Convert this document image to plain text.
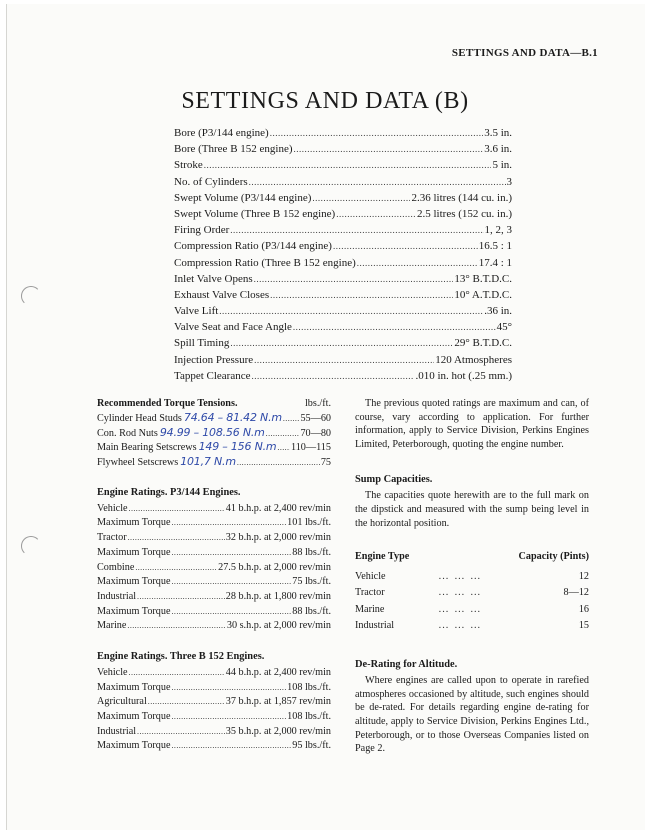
SETTINGS AND DATA—B.1
SETTINGS AND DATA (B)
Bore (P3/144 engine) .....	3.5 in.
Bore (Three B 152 engine) .....	3.6 in.
Stroke .....	5 in.
No. of Cylinders .....	3
Swept Volume (P3/144 engine) .....	2.36 litres (144 cu. in.)
Swept Volume (Three B 152 engine) .....	2.5 litres (152 cu. in.)
Firing Order .....	1, 2, 3
Compression Ratio (P3/144 engine) .....	16.5 : 1
Compression Ratio (Three B 152 engine) .....	17.4 : 1
Inlet Valve Opens .....	13° B.T.D.C.
Exhaust Valve Closes .....	10° A.T.D.C.
Valve Lift .....	.36 in.
Valve Seat and Face Angle .....	45°
Spill Timing .....	29° B.T.D.C.
Injection Pressure .....	120 Atmospheres
Tappet Clearance .....	.010 in. hot (.25 mm.)
Recommended Torque Tensions.	lbs./ft.
Cylinder Head Studs 74.64 – 81.42 N.m ..... 55—60
Con. Rod Nuts 94.99 – 108.56 N.m .....	70—80
Main Bearing Setscrews 149 – 156 N.m ..... 110—115
Flywheel Setscrews 101,7 N.m .....	75
Engine Ratings. P3/144 Engines.
Vehicle .....	41 b.h.p. at 2,400 rev/min
Maximum Torque .....	101 lbs./ft.
Tractor .....	32 b.h.p. at 2,000 rev/min
Maximum Torque .....	88 lbs./ft.
Combine .....	27.5 b.h.p. at 2,000 rev/min
Maximum Torque .....	75 lbs./ft.
Industrial .....	28 b.h.p. at 1,800 rev/min
Maximum Torque .....	88 lbs./ft.
Marine .....	30 s.h.p. at 2,000 rev/min
Engine Ratings. Three B 152 Engines.
Vehicle .....	44 b.h.p. at 2,400 rev/min
Maximum Torque .....	108 lbs./ft.
Agricultural .....	37 b.h.p. at 1,857 rev/min
Maximum Torque .....	108 lbs./ft.
Industrial .....	35 b.h.p. at 2,000 rev/min
Maximum Torque .....	95 lbs./ft.

The previous quoted ratings are maximum and can, of course, vary according to application. For further information, apply to Service Division, Perkins Engines Limited, Peterborough, quoting the engine number.

Sump Capacities.

The capacities quote herewith are to the full mark on the dipstick and measured with the sump being level in the horizontal position.

Engine Type				Capacity (Pints)
Vehicle	...	...	...	12
Tractor	...	...	...	8—12
Marine	...	...	...	16
Industrial	...	...	...	15
De-Rating for Altitude.

Where engines are called upon to operate in rarefied atmospheres occasioned by altitude, such engines should be de-rated. For details regarding engine de-rating for altitude, apply to Service Division, Perkins Engines Ltd., Peterborough, or to those Overseas Companies listed on Page 2.
